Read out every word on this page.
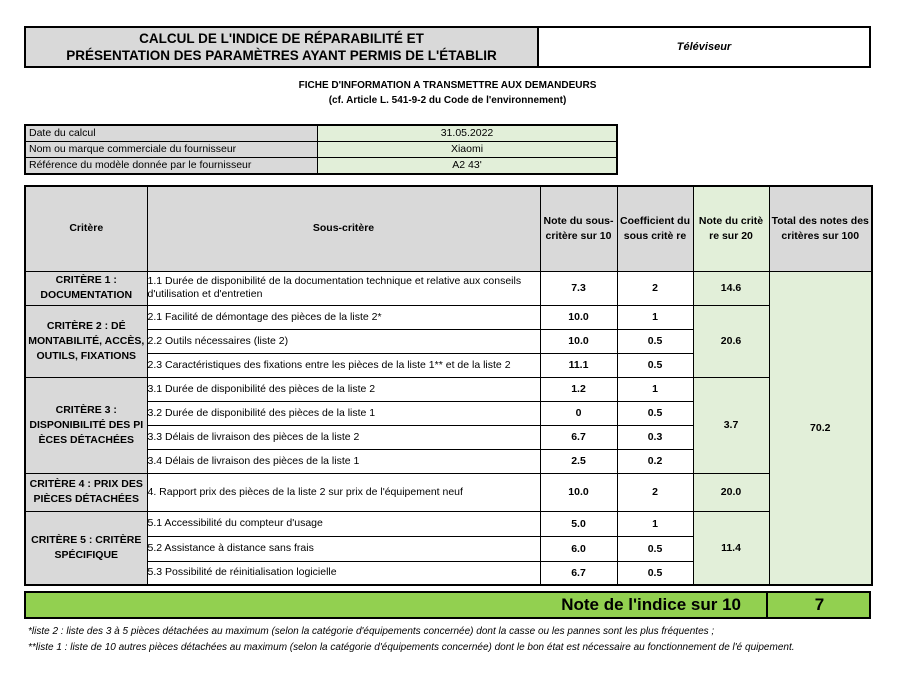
CALCUL DE L'INDICE DE RÉPARABILITÉ ET
PRÉSENTATION DES PARAMÈTRES AYANT PERMIS DE L'ÉTABLIR
Téléviseur
FICHE D'INFORMATION A TRANSMETTRE AUX DEMANDEURS
(cf. Article L. 541-9-2 du Code de l'environnement)
Date du calcul	31.05.2022
Nom ou marque commerciale du fournisseur	Xiaomi
Référence du modèle donnée par le fournisseur	A2 43'
Critère	Sous-critère	Note du sous-critère sur 10	Coefficient du sous critè re	Note du critè re sur 20	Total des notes des critères sur 100
CRITÈRE 1 : DOCUMENTATION	1.1 Durée de disponibilité de la documentation technique et relative aux conseils d'utilisation et d'entretien	7.3	2	14.6	70.2
CRITÈRE 2 : DÉ MONTABILITÉ, ACCÈS, OUTILS, FIXATIONS	2.1 Facilité de démontage des pièces de la liste 2*	10.0	1	20.6	
	2.2 Outils nécessaires (liste 2)	10.0	0.5		
	2.3 Caractéristiques des fixations entre les pièces de la liste 1** et de la liste 2	11.1	0.5		
CRITÈRE 3 : DISPONIBILITÉ DES PI ÈCES DÉTACHÉES	3.1 Durée de disponibilité des pièces de la liste 2	1.2	1	3.7	
	3.2 Durée de disponibilité des pièces de la liste 1	0	0.5		
	3.3 Délais de livraison des pièces de la liste 2	6.7	0.3		
	3.4 Délais de livraison des pièces de la liste 1	2.5	0.2		
CRITÈRE 4 : PRIX DES PIÈCES DÉTACHÉES	4. Rapport prix des pièces de la liste 2 sur prix de l'équipement neuf	10.0	2	20.0	
CRITÈRE 5 : CRITÈRE SPÉCIFIQUE	5.1 Accessibilité du compteur d'usage	5.0	1	11.4	
	5.2 Assistance à distance sans frais	6.0	0.5		
	5.3 Possibilité de réinitialisation logicielle	6.7	0.5		
Note de l'indice sur 10	7
*liste 2 : liste des 3 à 5 pièces détachées au maximum (selon la catégorie d'équipements concernée) dont la casse ou les pannes sont les plus fréquentes ;
**liste 1 : liste de 10 autres pièces détachées au maximum (selon la catégorie d'équipements concernée) dont le bon état est nécessaire au fonctionnement de l'é quipement.
